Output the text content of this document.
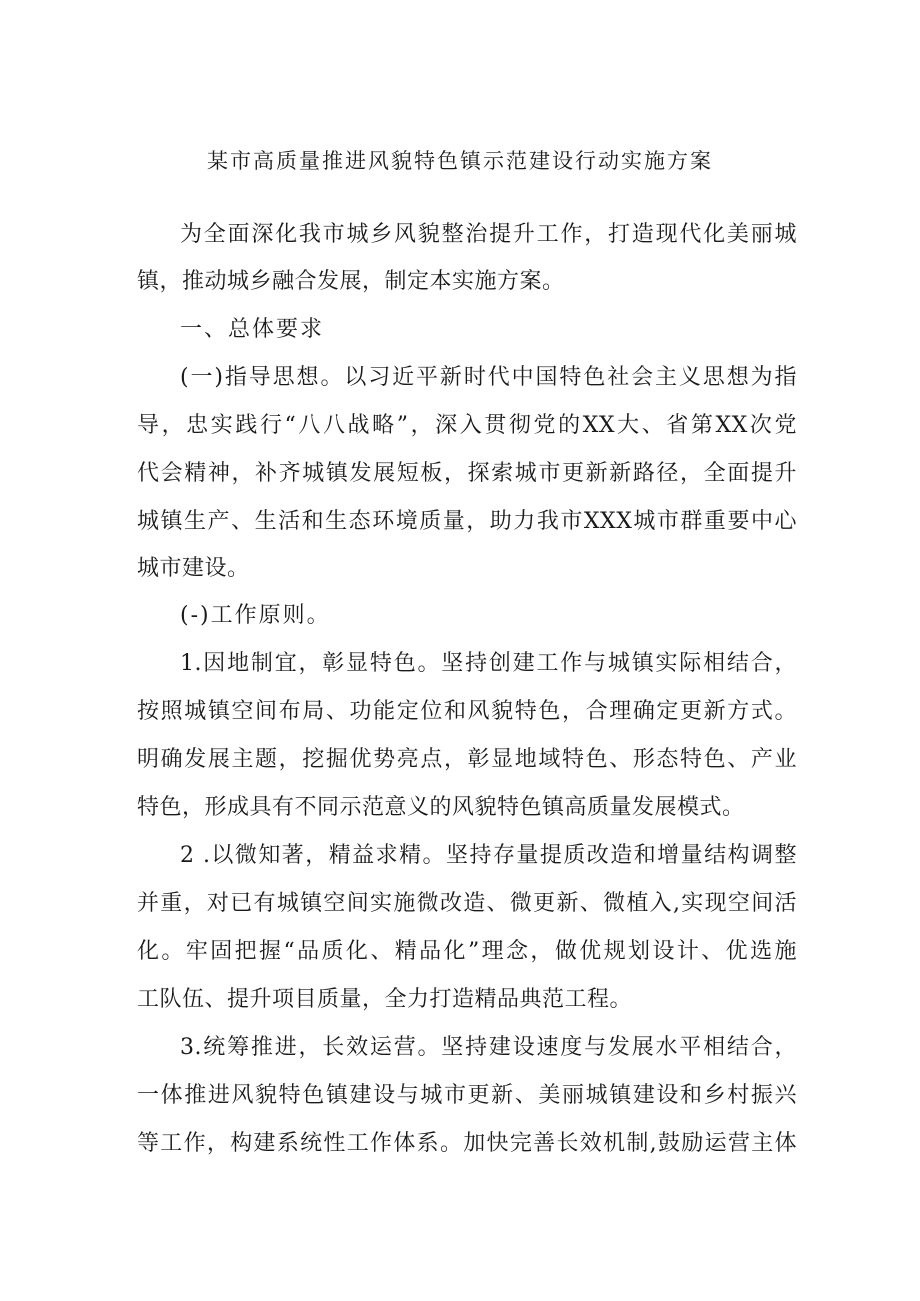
某市高质量推进风貌特色镇示范建设行动实施方案
为全面深化我市城乡风貌整治提升工作，打造现代化美丽城
镇，推动城乡融合发展，制定本实施方案。
一、总体要求
(一)指导思想。以习近平新时代中国特色社会主义思想为指
导，忠实践行“八八战略”，深入贯彻党的XX大、省第XX次党
代会精神，补齐城镇发展短板，探索城市更新新路径，全面提升
城镇生产、生活和生态环境质量，助力我市XXX城市群重要中心
城市建设。
(-)工作原则。
1.因地制宜，彰显特色。坚持创建工作与城镇实际相结合，
按照城镇空间布局、功能定位和风貌特色，合理确定更新方式。
明确发展主题，挖掘优势亮点，彰显地域特色、形态特色、产业
特色，形成具有不同示范意义的风貌特色镇高质量发展模式。
2 .以微知著，精益求精。坚持存量提质改造和增量结构调整
并重，对已有城镇空间实施微改造、微更新、微植入,实现空间活
化。牢固把握“品质化、精品化”理念，做优规划设计、优选施
工队伍、提升项目质量，全力打造精品典范工程。
3.统筹推进，长效运营。坚持建设速度与发展水平相结合，
一体推进风貌特色镇建设与城市更新、美丽城镇建设和乡村振兴
等工作，构建系统性工作体系。加快完善长效机制,鼓励运营主体
